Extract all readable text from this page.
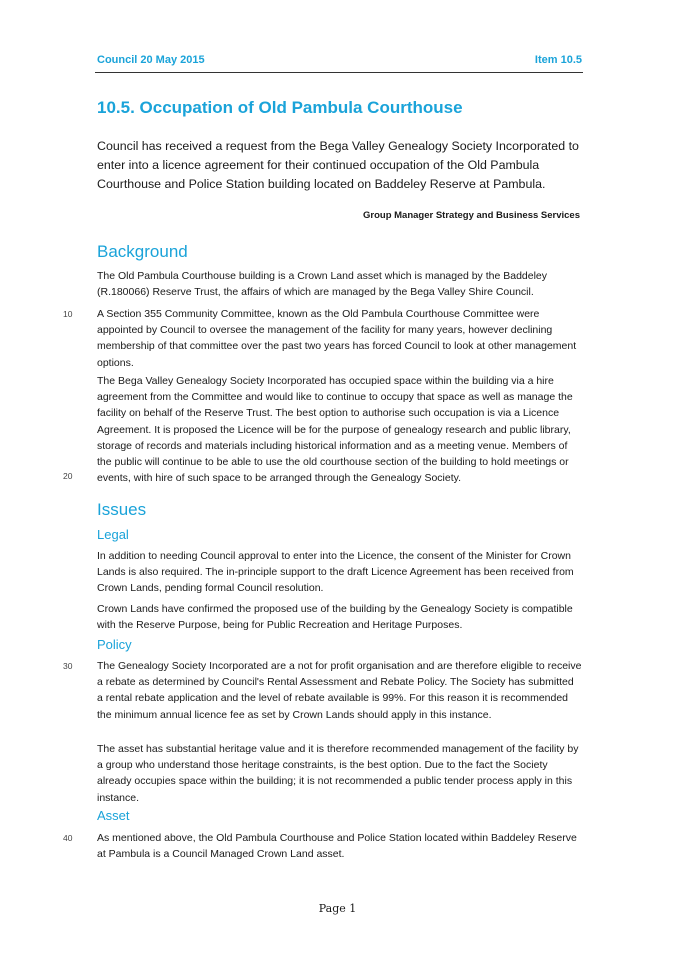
Council 20 May 2015	Item 10.5
10.5. Occupation of Old Pambula Courthouse
Council has received a request from the Bega Valley Genealogy Society Incorporated to enter into a licence agreement for their continued occupation of the Old Pambula Courthouse and Police Station building located on Baddeley Reserve at Pambula.
Group Manager Strategy and Business Services
Background
The Old Pambula Courthouse building is a Crown Land asset which is managed by the Baddeley (R.180066) Reserve Trust, the affairs of which are managed by the Bega Valley Shire Council.
A Section 355 Community Committee, known as the Old Pambula Courthouse Committee were appointed by Council to oversee the management of the facility for many years, however declining membership of that committee over the past two years has forced Council to look at other management options.
The Bega Valley Genealogy Society Incorporated has occupied space within the building via a hire agreement from the Committee and would like to continue to occupy that space as well as manage the facility on behalf of the Reserve Trust. The best option to authorise such occupation is via a Licence Agreement. It is proposed the Licence will be for the purpose of genealogy research and public library, storage of records and materials including historical information and as a meeting venue. Members of the public will continue to be able to use the old courthouse section of the building to hold meetings or events, with hire of such space to be arranged through the Genealogy Society.
Issues
Legal
In addition to needing Council approval to enter into the Licence, the consent of the Minister for Crown Lands is also required. The in-principle support to the draft Licence Agreement has been received from Crown Lands, pending formal Council resolution.
Crown Lands have confirmed the proposed use of the building by the Genealogy Society is compatible with the Reserve Purpose, being for Public Recreation and Heritage Purposes.
Policy
The Genealogy Society Incorporated are a not for profit organisation and are therefore eligible to receive a rebate as determined by Council's Rental Assessment and Rebate Policy. The Society has submitted a rental rebate application and the level of rebate available is 99%. For this reason it is recommended the minimum annual licence fee as set by Crown Lands should apply in this instance.
The asset has substantial heritage value and it is therefore recommended management of the facility by a group who understand those heritage constraints, is the best option. Due to the fact the Society already occupies space within the building; it is not recommended a public tender process apply in this instance.
Asset
As mentioned above, the Old Pambula Courthouse and Police Station located within Baddeley Reserve at Pambula is a Council Managed Crown Land asset.
10
20
30
40
Page 1
